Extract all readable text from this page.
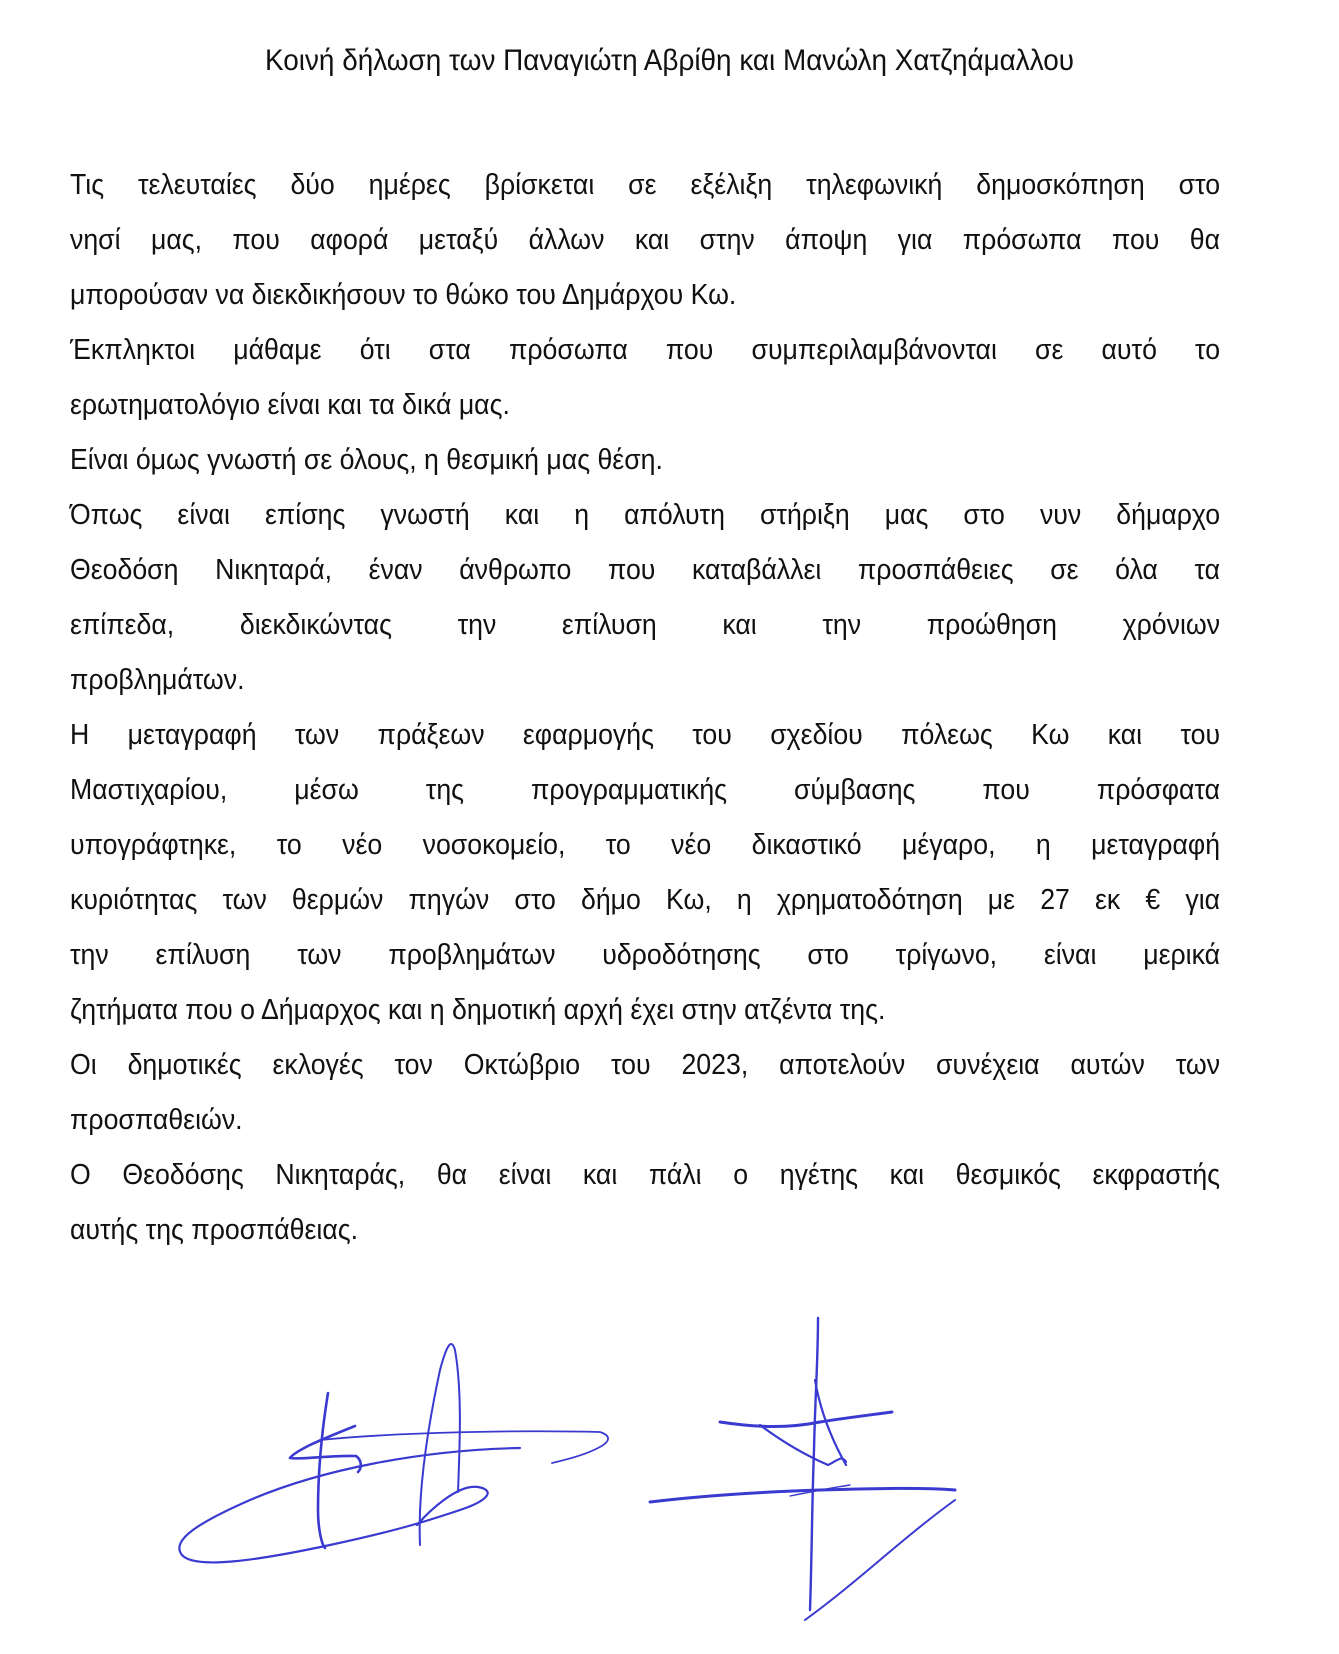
Κοινή δήλωση των Παναγιώτη Αβρίθη και Μανώλη Χατζηάμαλλου
Τις τελευταίες δύο ημέρες βρίσκεται σε εξέλιξη τηλεφωνική δημοσκόπηση στο
νησί μας, που αφορά μεταξύ άλλων και στην άποψη για πρόσωπα που θα
μπορούσαν να διεκδικήσουν το θώκο του Δημάρχου Κω.
Έκπληκτοι μάθαμε ότι στα πρόσωπα που συμπεριλαμβάνονται σε αυτό το
ερωτηματολόγιο είναι και τα δικά μας.
Είναι όμως γνωστή σε όλους, η θεσμική μας θέση.
Όπως είναι επίσης γνωστή και η απόλυτη στήριξη μας στο νυν δήμαρχο
Θεοδόση Νικηταρά, έναν άνθρωπο που καταβάλλει προσπάθειες σε όλα τα
επίπεδα, διεκδικώντας την επίλυση και την προώθηση χρόνιων
προβλημάτων.
Η μεταγραφή των πράξεων εφαρμογής του σχεδίου πόλεως Κω και του
Μαστιχαρίου, μέσω της προγραμματικής σύμβασης που πρόσφατα
υπογράφτηκε, το νέο νοσοκομείο, το νέο δικαστικό μέγαρο, η μεταγραφή
κυριότητας των θερμών πηγών στο δήμο Κω, η χρηματοδότηση με 27 εκ € για
την επίλυση των προβλημάτων υδροδότησης στο τρίγωνο, είναι μερικά
ζητήματα που ο Δήμαρχος και η δημοτική αρχή έχει στην ατζέντα της.
Οι δημοτικές εκλογές τον Οκτώβριο του 2023, αποτελούν συνέχεια αυτών των
προσπαθειών.
Ο Θεοδόσης Νικηταράς, θα είναι και πάλι ο ηγέτης και θεσμικός εκφραστής
αυτής της προσπάθειας.
